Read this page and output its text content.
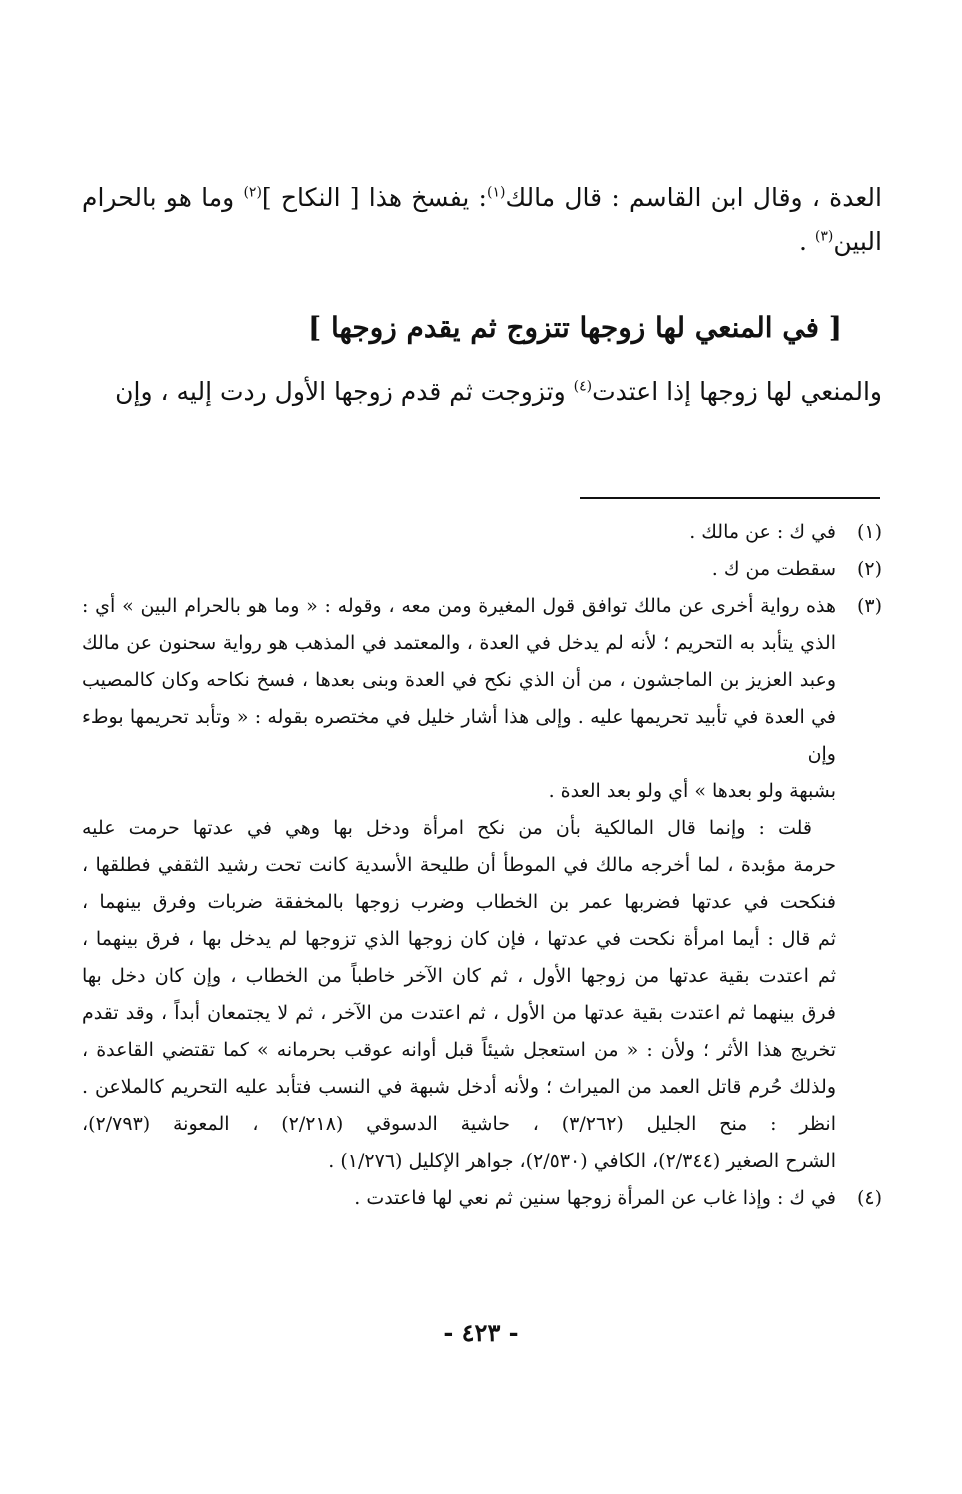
العدة ، وقال ابن القاسم : قال مالك$^{(١)}$: يفسخ هذا [ النكاح ]$^{(٢)}$ وما هو بالحرام البين$^{(٣)}$ .
[ في المنعي لها زوجها تتزوج ثم يقدم زوجها ]
والمنعي لها زوجها إذا اعتدت$^{(٤)}$ وتزوجت ثم قدم زوجها الأول ردت إليه ، وإن
(١)
في ك : عن مالك .
(٢)
سقطت من ك .
(٣)
هذه رواية أخرى عن مالك توافق قول المغيرة ومن معه ، وقوله : « وما هو بالحرام البين » أي :
الذي يتأبد به التحريم ؛ لأنه لم يدخل في العدة ، والمعتمد في المذهب هو رواية سحنون عن مالك
وعبد العزيز بن الماجشون ، من أن الذي نكح في العدة وبنى بعدها ، فسخ نكاحه وكان كالمصيب
في العدة في تأبيد تحريمها عليه . وإلى هذا أشار خليل في مختصره بقوله : « وتأبد تحريمها بوطء وإن
بشبهة ولو بعدها » أي ولو بعد العدة .
قلت : وإنما قال المالكية بأن من نكح امرأة ودخل بها وهي في عدتها حرمت عليه
حرمة مؤبدة ، لما أخرجه مالك في الموطأ أن طليحة الأسدية كانت تحت رشيد الثقفي فطلقها ،
فنكحت في عدتها فضربها عمر بن الخطاب وضرب زوجها بالمخفقة ضربات وفرق بينهما ،
ثم قال : أيما امرأة نكحت في عدتها ، فإن كان زوجها الذي تزوجها لم يدخل بها ، فرق بينهما ،
ثم اعتدت بقية عدتها من زوجها الأول ، ثم كان الآخر خاطباً من الخطاب ، وإن كان دخل بها
فرق بينهما ثم اعتدت بقية عدتها من الأول ، ثم اعتدت من الآخر ، ثم لا يجتمعان أبداً ، وقد تقدم
تخريج هذا الأثر ؛ ولأن : « من استعجل شيئاً قبل أوانه عوقب بحرمانه » كما تقتضي القاعدة ،
ولذلك حُرم قاتل العمد من الميراث ؛ ولأنه أدخل شبهة في النسب فتأبد عليه التحريم كالملاعن .
انظر : منح الجليل (٣/٢٦٢) ، حاشية الدسوقي (٢/٢١٨) ، المعونة (٢/٧٩٣)،
الشرح الصغير (٢/٣٤٤)، الكافي (٢/٥٣٠)، جواهر الإكليل (١/٢٧٦) .
(٤)
في ك : وإذا غاب عن المرأة زوجها سنين ثم نعي لها فاعتدت .
- ٤٢٣ -
